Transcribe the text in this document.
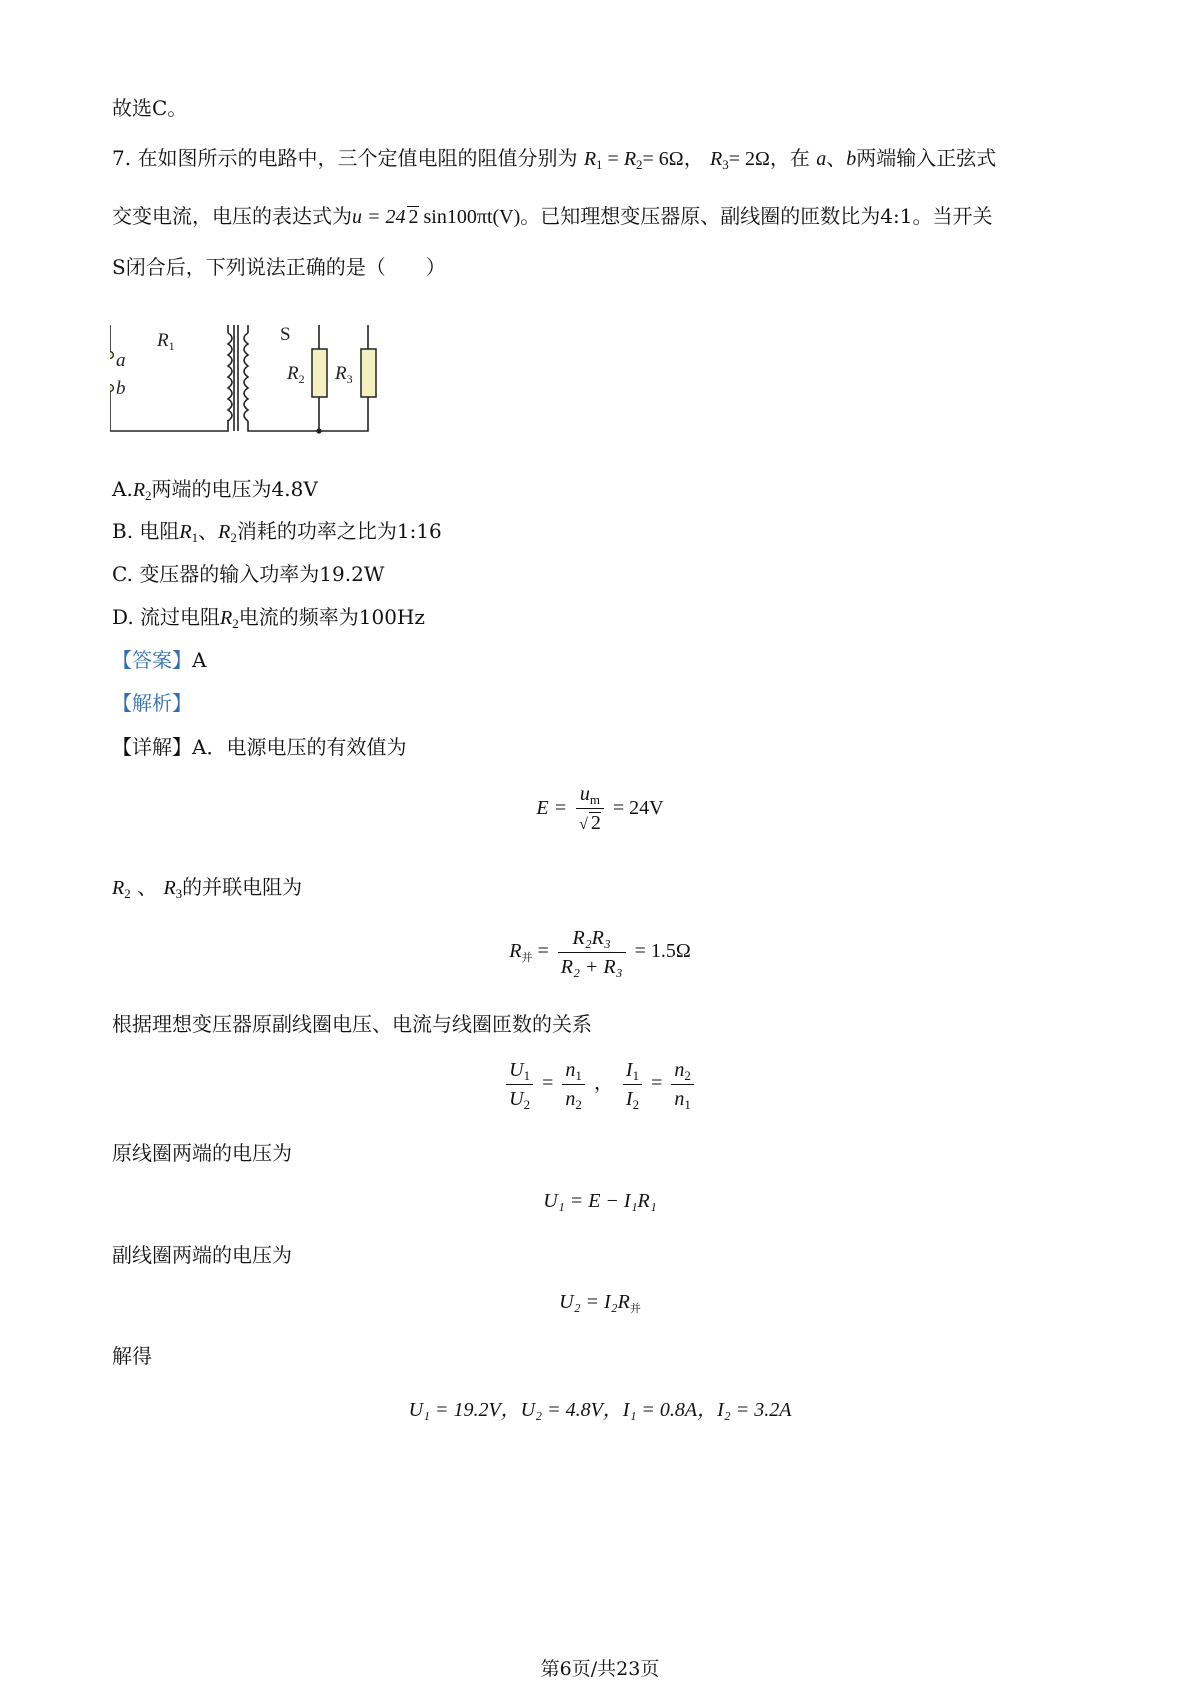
故选C。
7. 在如图所示的电路中，三个定值电阻的阻值分别为 $R_1 = R_2= 6\Omega$， $R_3= 2\Omega$，在 a、b两端输入正弦式
交变电流，电压的表达式为u = 24 2 sin100πt(V)。已知理想变压器原、副线圈的匝数比为4:1。当开关
S闭合后，下列说法正确的是（　　）
$R_1$
S
a
b
$R_2$ $R_3$
$A.R_2$两端的电压为4.8V
B. 电阻$R_1$、$R_2$消耗的功率之比为1:16
C. 变压器的输入功率为19.2W
D. 流过电阻$R_2$电流的频率为100Hz
【答案】A
【解析】
【详解】A．电源电压的有效值为
$E = \frac{u_m}{√ 2} = 24V$
$R_2$ 、 $R_3$的并联电阻为
$R_并 = \frac{\text{R₂R₃}}{\text{R₂ + R₃}} = 1.5\Omega$
根据理想变压器原副线圈电压、电流与线圈匝数的关系
$\frac{U_1}{U_2} = \frac{n_1}{n_2}$ ， $\frac{I_1}{I_2} = \frac{n_2}{n_1}$
原线圈两端的电压为
U₁ = E − I₁R₁
副线圈两端的电压为
$U_2 = I_2R_并$
解得
U₁ = 19.2V，U₂ = 4.8V，I₁ = 0.8A，I₂ = 3.2A
第6页/共23页
